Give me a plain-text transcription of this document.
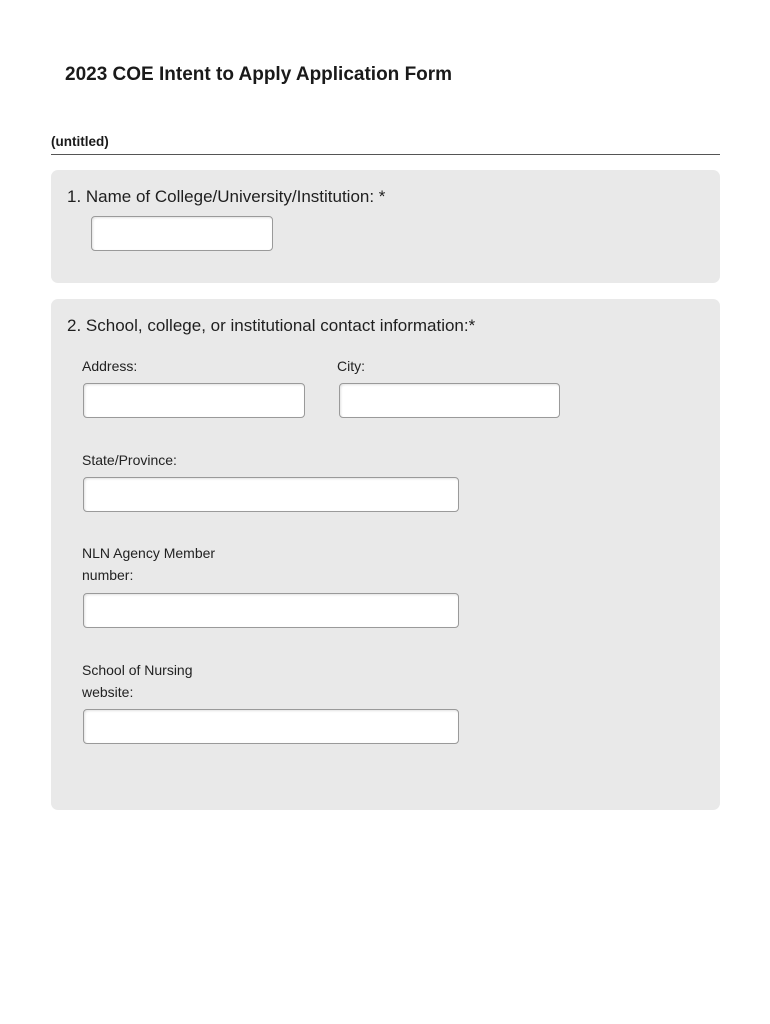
2023 COE Intent to Apply Application Form
(untitled)
1. Name of College/University/Institution: *
2. School, college, or institutional contact information:*
Address:	City:
State/Province:
NLN Agency Member
number:
School of Nursing
website:
